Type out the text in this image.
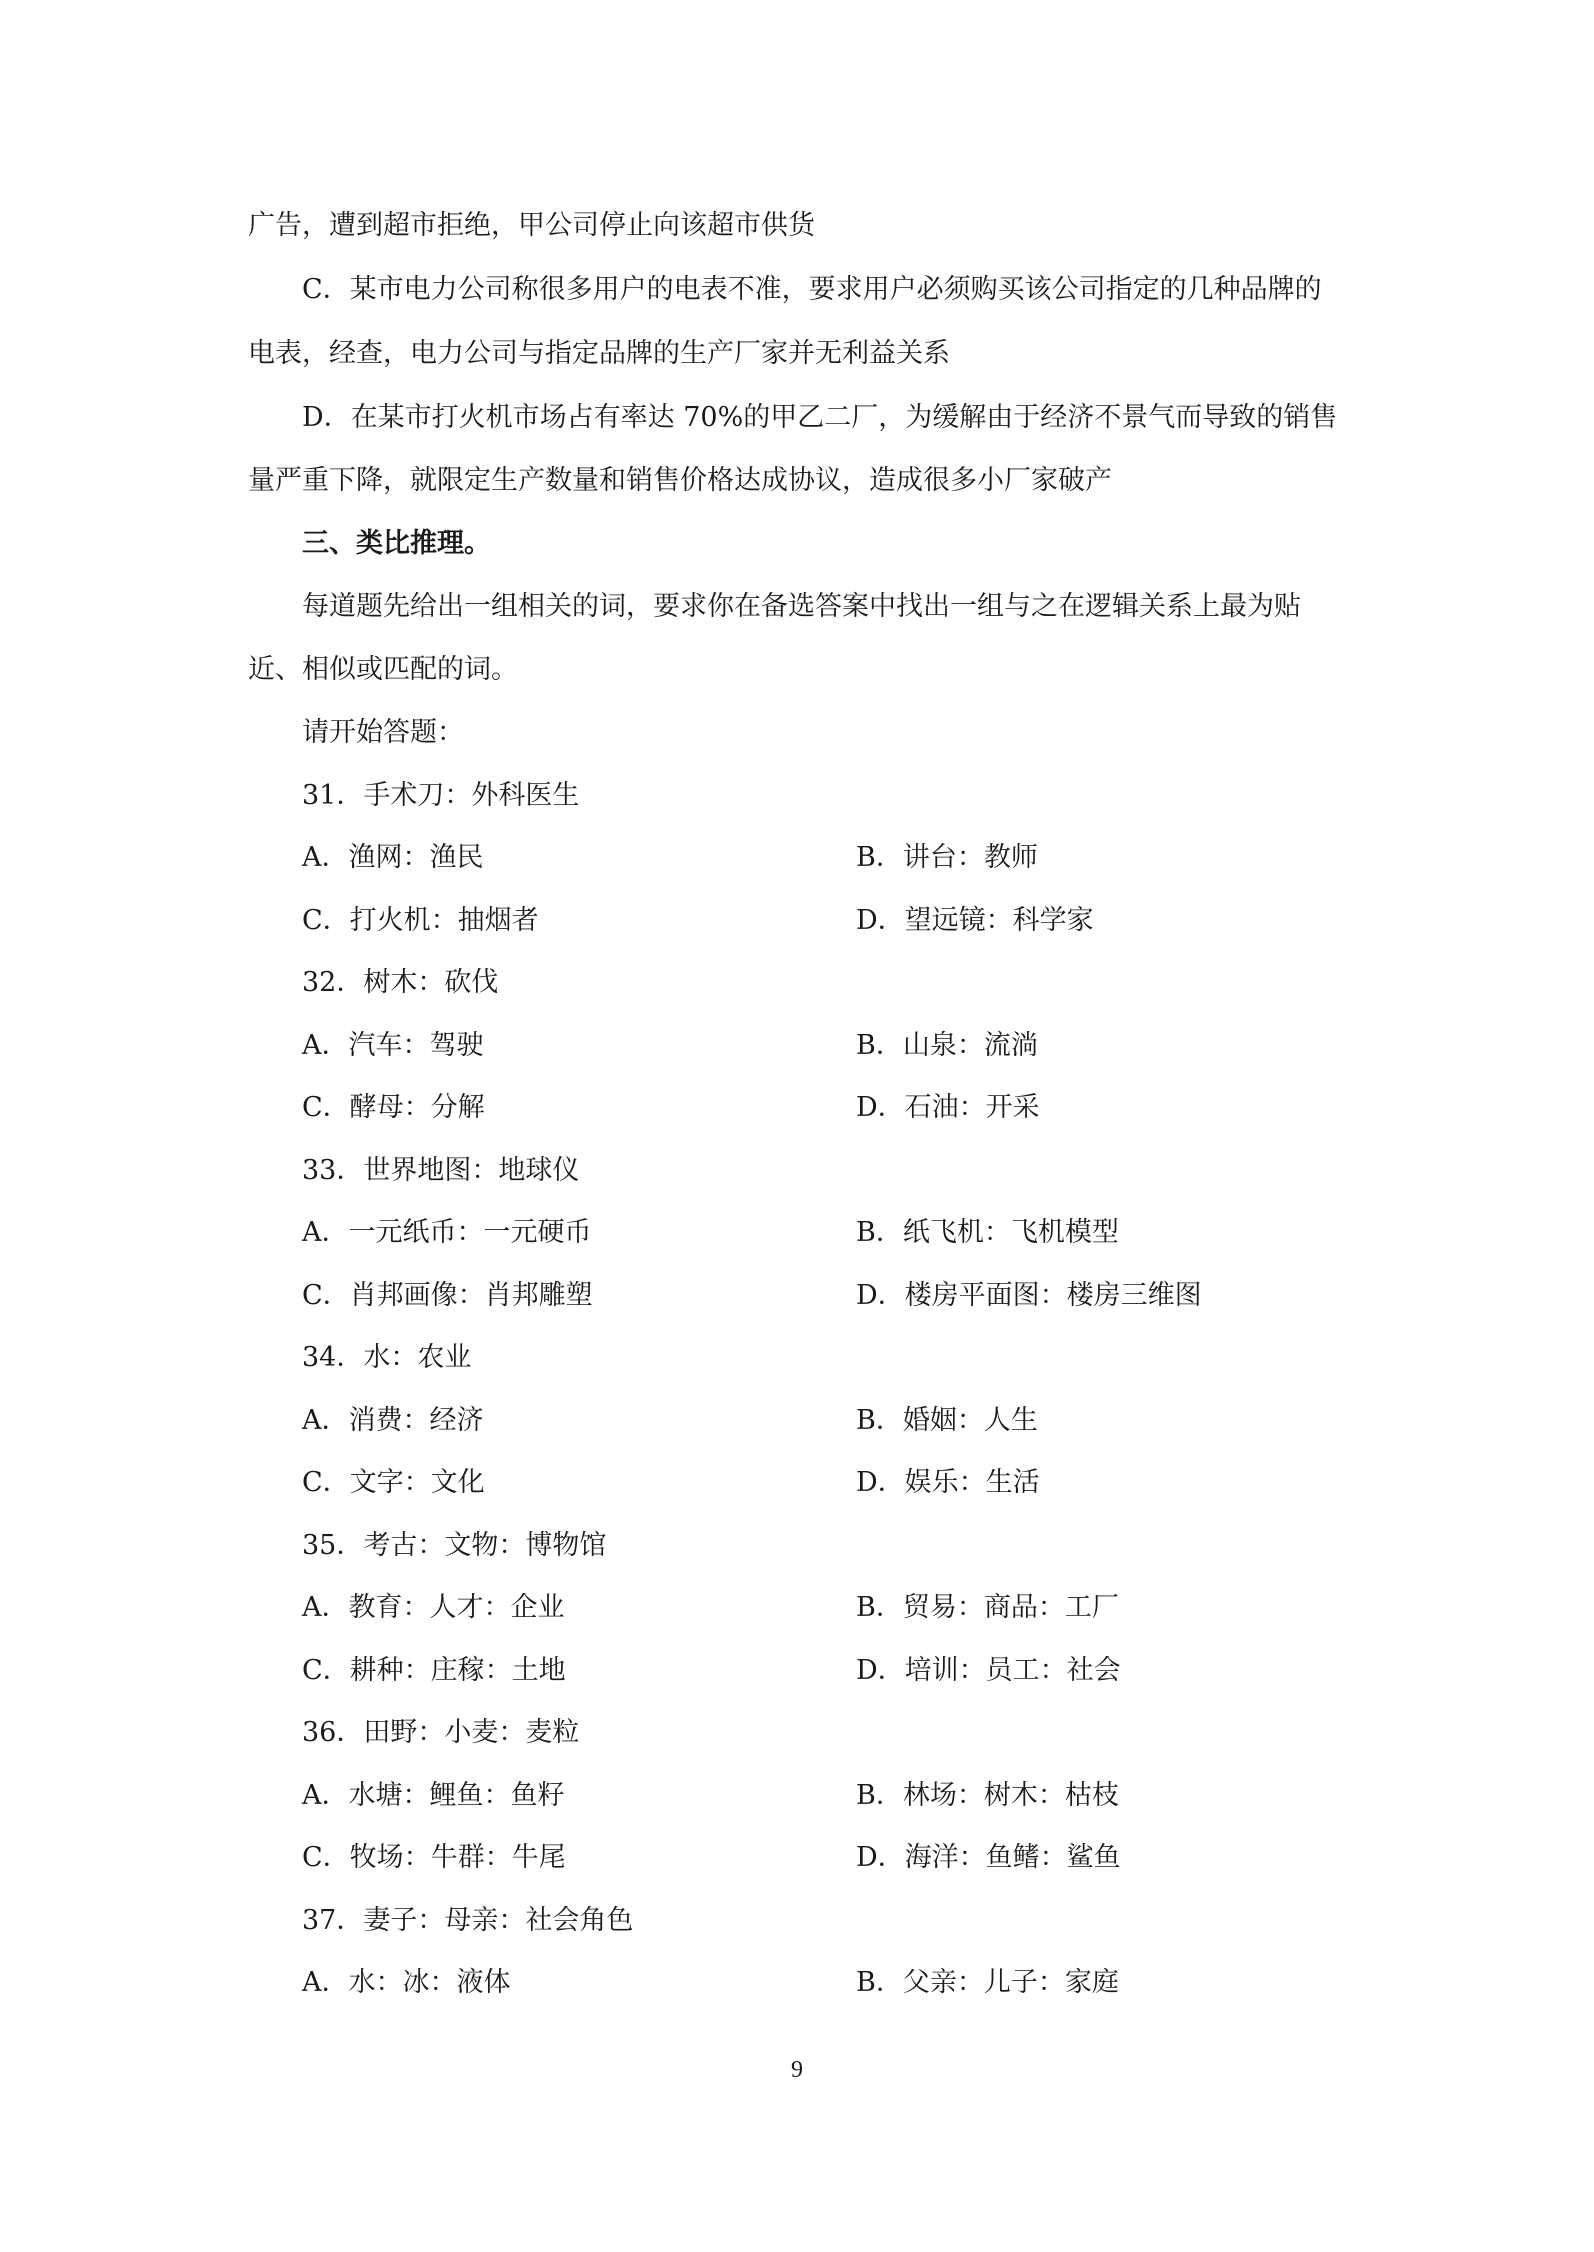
广告，遭到超市拒绝，甲公司停止向该超市供货
C．某市电力公司称很多用户的电表不准，要求用户必须购买该公司指定的几种品牌的
电表，经查，电力公司与指定品牌的生产厂家并无利益关系
D．在某市打火机市场占有率达 70%的甲乙二厂，为缓解由于经济不景气而导致的销售
量严重下降，就限定生产数量和销售价格达成协议，造成很多小厂家破产
三、类比推理。
每道题先给出一组相关的词，要求你在备选答案中找出一组与之在逻辑关系上最为贴
近、相似或匹配的词。
请开始答题：
31．手术刀：外科医生
A．渔网：渔民	B．讲台：教师
C．打火机：抽烟者	D．望远镜：科学家
32．树木：砍伐
A．汽车：驾驶	B．山泉：流淌
C．酵母：分解	D．石油：开采
33．世界地图：地球仪
A．一元纸币：一元硬币	B．纸飞机：飞机模型
C．肖邦画像：肖邦雕塑	D．楼房平面图：楼房三维图
34．水：农业
A．消费：经济	B．婚姻：人生
C．文字：文化	D．娱乐：生活
35．考古：文物：博物馆
A．教育：人才：企业	B．贸易：商品：工厂
C．耕种：庄稼：土地	D．培训：员工：社会
36．田野：小麦：麦粒
A．水塘：鲤鱼：鱼籽	B．林场：树木：枯枝
C．牧场：牛群：牛尾	D．海洋：鱼鳍：鲨鱼
37．妻子：母亲：社会角色
A．水：冰：液体	B．父亲：儿子：家庭
9
